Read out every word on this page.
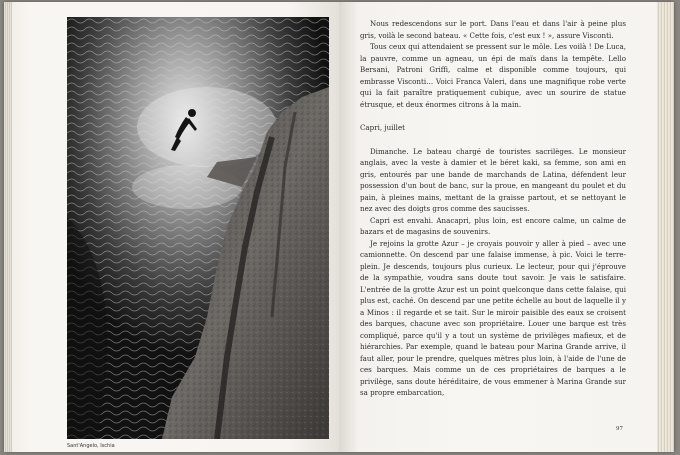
Sant'Angelo, Ischia

Nous redescendons sur le port. Dans l'eau et dans l'air à peine plus gris, voilà le second bateau. « Cette fois, c'est eux ! », assure Visconti.

Tous ceux qui attendaient se pressent sur le môle. Les voilà ! De Luca, la pauvre, comme un agneau, un épi de maïs dans la tempête. Lello Bersani, Patroni Griffi, calme et disponible comme toujours, qui embrasse Visconti… Voici Franca Valeri, dans une magnifique robe verte qui la fait paraître pratiquement cubique, avec un sourire de statue étrusque, et deux énormes citrons à la main.

Capri, juillet

Dimanche. Le bateau chargé de touristes sacrilèges. Le monsieur anglais, avec la veste à damier et le béret kaki, sa femme, son ami en gris, entourés par une bande de marchands de Latina, défendent leur possession d'un bout de banc, sur la proue, en mangeant du poulet et du pain, à pleines mains, mettant de la graisse partout, et se nettoyant le nez avec des doigts gros comme des saucisses.

Capri est envahi. Anacapri, plus loin, est encore calme, un calme de bazars et de magasins de souvenirs.

Je rejoins la grotte Azur – je croyais pouvoir y aller à pied – avec une camionnette. On descend par une falaise immense, à pic. Voici le terre-plein. Je descends, toujours plus curieux. Le lecteur, pour qui j'éprouve de la sympathie, voudra sans doute tout savoir. Je vais le satisfaire. L'entrée de la grotte Azur est un point quelconque dans cette falaise, qui plus est, caché. On descend par une petite échelle au bout de laquelle il y a Minos : il regarde et se tait. Sur le miroir paisible des eaux se croisent des barques, chacune avec son propriétaire. Louer une barque est très compliqué, parce qu'il y a tout un système de privilèges mafieux, et de hiérarchies. Par exemple, quand le bateau pour Marina Grande arrive, il faut aller, pour le prendre, quelques mètres plus loin, à l'aide de l'une de ces barques. Mais comme un de ces propriétaires de barques a le privilège, sans doute héréditaire, de vous emmener à Marina Grande sur sa propre embarcation,

97
